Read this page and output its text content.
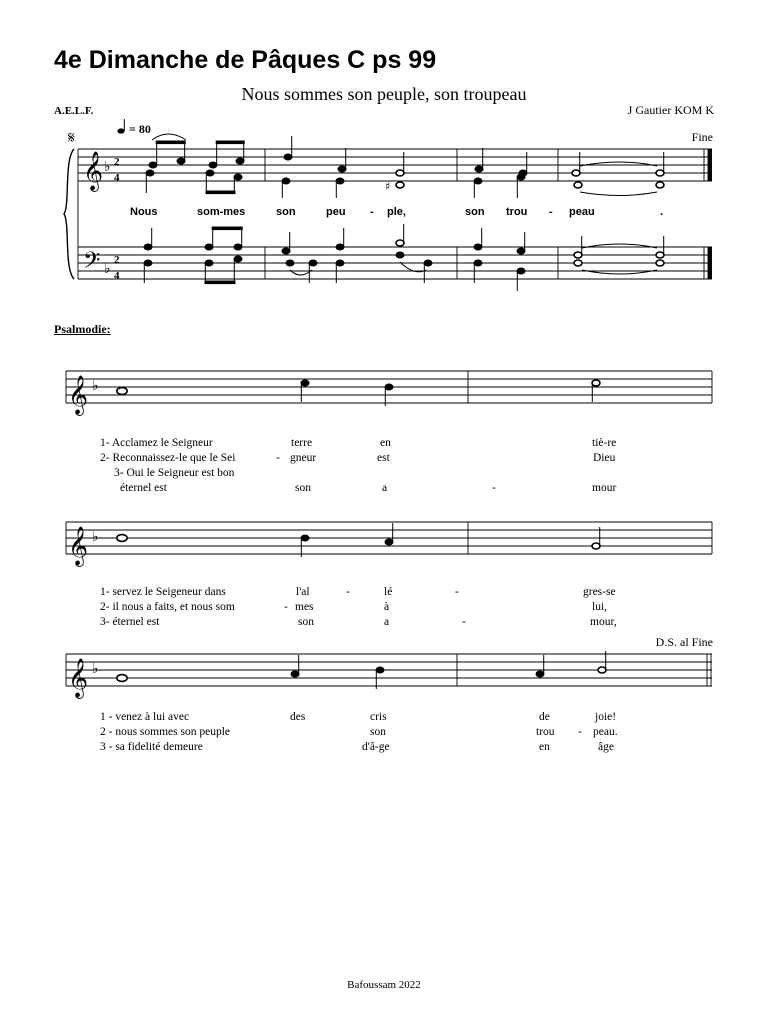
4e Dimanche de Pâques C ps 99
Nous sommes son peuple, son troupeau
A.E.L.F.	J Gautier KOM K
Psalmodie:
Bafoussam 2022
𝄞
𝄢
♭
♭
2
4
2
4
𝄋
𝄞 ♭
𝄞 ♭
𝄞 ♭
♯
= 80
Fine
D.S. al Fine
Nous	som-mes	son	peu - ple,	son trou - peau	.
1- Acclamez le Seigneur	terre	en	tiè-re
2- Reconnaissez-le que le Sei	- gneur	est	Dieu
3- Oui le Seigneur est bon
éternel est	son	a	-	mour
1- servez le Seigeneur dans	l'al	-	lé	-	gres-se
2- il nous a faits, et nous som	- mes	à	lui,
3- éternel est	son	a	-	mour,
1 - venez à lui avec	des	cris	de	joie!
2 - nous sommes son peuple	son	trou - peau.
3 - sa fidelité demeure	d'â-ge	en	âge
